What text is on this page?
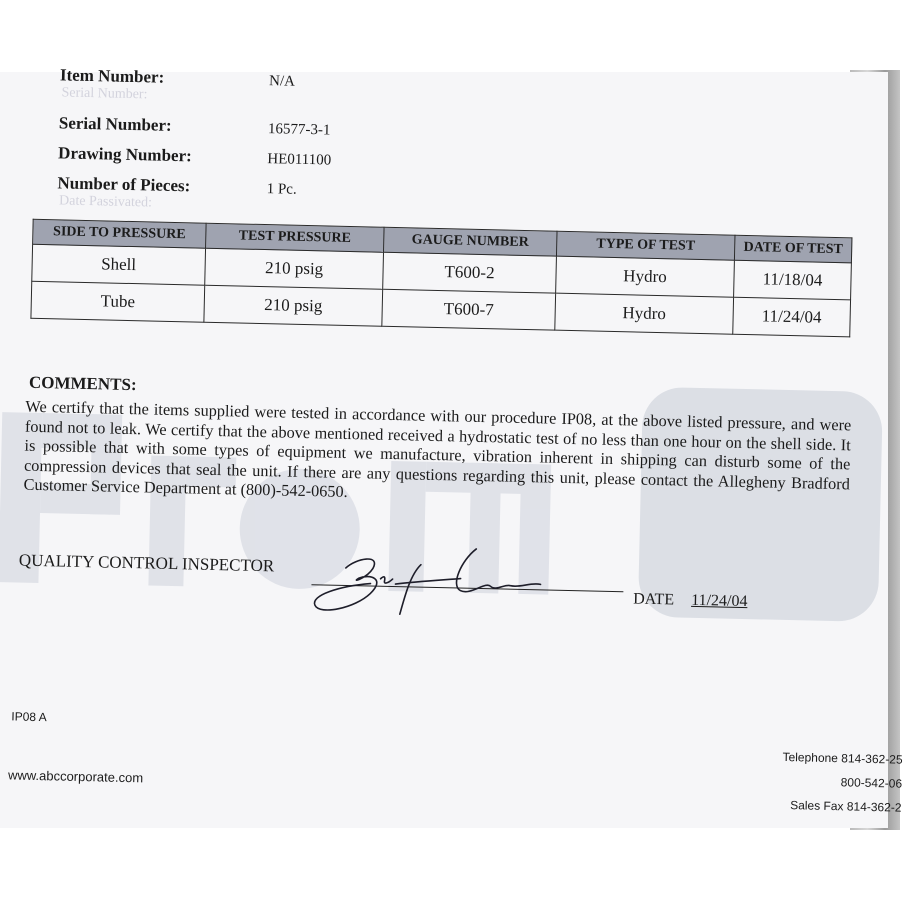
Serial Number:
Date Passivated:
Item Number:	N/A
Serial Number:	16577-3-1
Drawing Number:	HE011100
Number of Pieces:	1 Pc.
SIDE TO PRESSURE	TEST PRESSURE	GAUGE NUMBER	TYPE OF TEST	DATE OF TEST
Shell	210 psig	T600-2	Hydro	11/18/04
Tube	210 psig	T600-7	Hydro	11/24/04
COMMENTS:
We certify that the items supplied were tested in accordance with our procedure IP08, at the above listed pressure, and were found not to leak. We certify that the above mentioned received a hydrostatic test of no less than one hour on the shell side. It is possible that with some types of equipment we manufacture, vibration inherent in shipping can disturb some of the compression devices that seal the unit. If there are any questions regarding this unit, please contact the Allegheny Bradford Customer Service Department at (800)-542-0650.
QUALITY CONTROL INSPECTOR
DATE 11/24/04
IP08 A
www.abccorporate.com
Telephone 814-362-25
800-542-06
Sales Fax 814-362-2
